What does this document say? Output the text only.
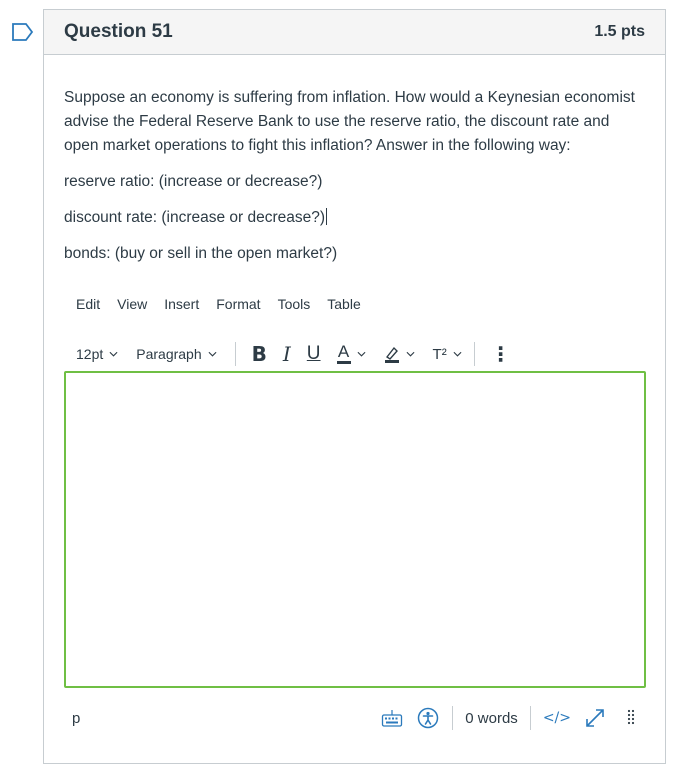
Question 51	1.5 pts

Suppose an economy is suffering from inflation. How would a Keynesian economist advise the Federal Reserve Bank to use the reserve ratio, the discount rate and open market operations to fight this inflation? Answer in the following way:

reserve ratio: (increase or decrease?)

discount rate: (increase or decrease?)

bonds: (buy or sell in the open market?)

Edit View Insert Format Tools Table
12pt Paragraph	B I U A	T² ⋮
p	0 words </>
